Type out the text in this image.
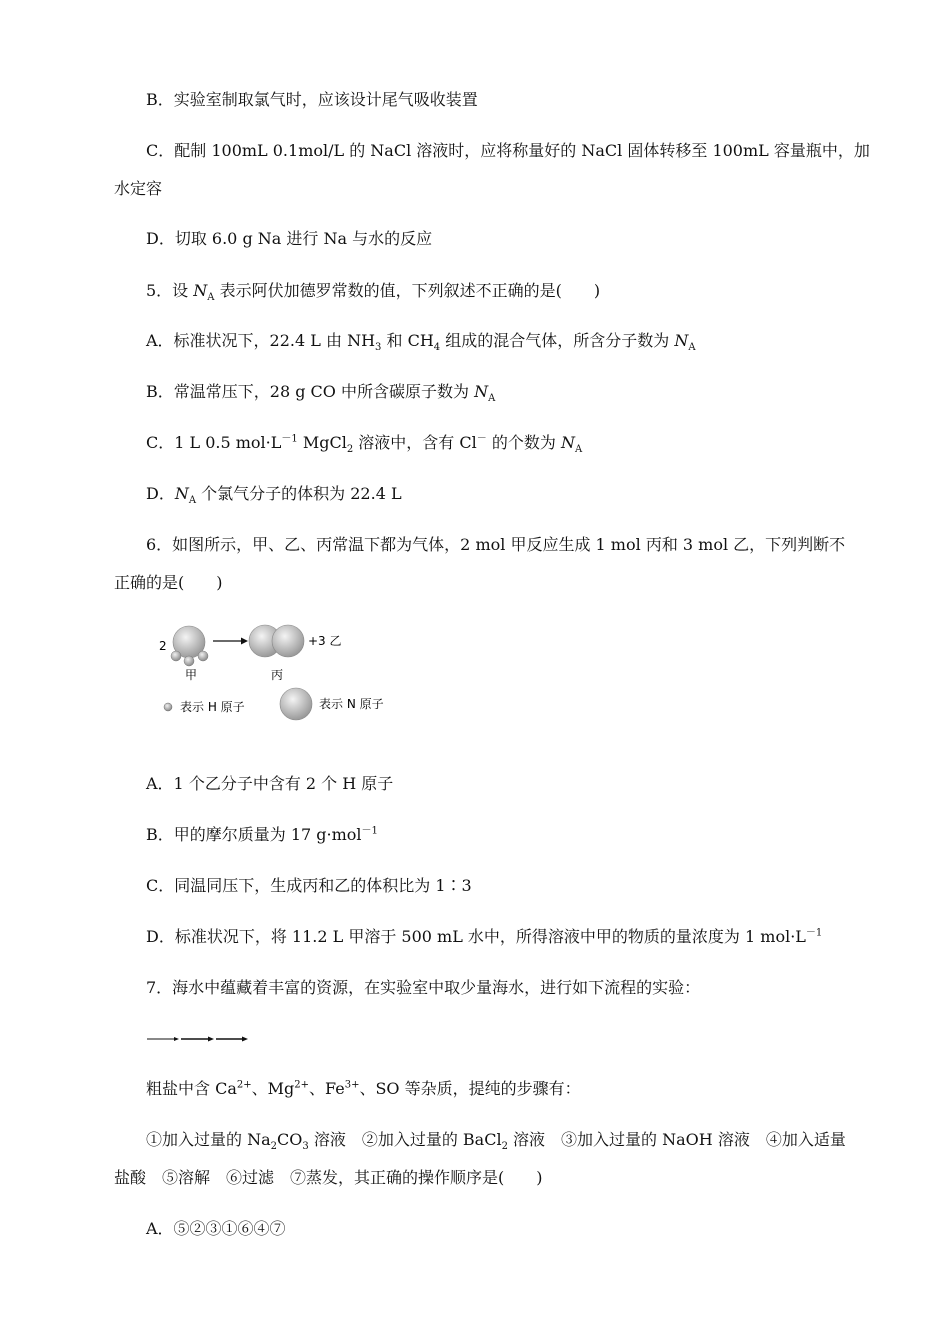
B．实验室制取氯气时，应该设计尾气吸收装置
C．配制 100mL 0.1mol/L 的 NaCl 溶液时，应将称量好的 NaCl 固体转移至 100mL 容量瓶中，加
水定容
D．切取 6.0 g Na 进行 Na 与水的反应
5．设 $N_A$ 表示阿伏加德罗常数的值，下列叙述不正确的是(　　)
A．标准状况下，22.4 L 由 $NH_3$ 和 $CH_4$ 组成的混合气体，所含分子数为 $N_A$
B．常温常压下，28 g CO 中所含碳原子数为 $N_A$
C．1 L 0.5 $mol\cdot L^{-1}$ MgCl$_2$ 溶液中，含有 Cl－ 的个数为 $N_A$
D．$N_A$ 个氯气分子的体积为 22.4 L
6．如图所示，甲、乙、丙常温下都为气体，2 mol 甲反应生成 1 mol 丙和 3 mol 乙，下列判断不
正确的是(　　)
2
甲
+3 乙
丙
表示 H 原子	表示 N 原子
A．1 个乙分子中含有 2 个 H 原子
B．甲的摩尔质量为 17 g·mol$^{-1}$
C．同温同压下，生成丙和乙的体积比为 1∶3
D．标准状况下，将 11.2 L 甲溶于 500 mL 水中，所得溶液中甲的物质的量浓度为 1 $mol\cdot L^{-1}$
7．海水中蕴藏着丰富的资源，在实验室中取少量海水，进行如下流程的实验：
粗盐中含 $Ca^{2+}$、$Mg^{2+}$、$Fe^{3+}$、SO 等杂质，提纯的步骤有：
①加入过量的 $Na_2CO_3$ 溶液　②加入过量的 BaCl$_2$ 溶液　③加入过量的 NaOH 溶液　④加入适量
盐酸　⑤溶解　⑥过滤　⑦蒸发，其正确的操作顺序是(　　)
A．⑤②③①⑥④⑦
